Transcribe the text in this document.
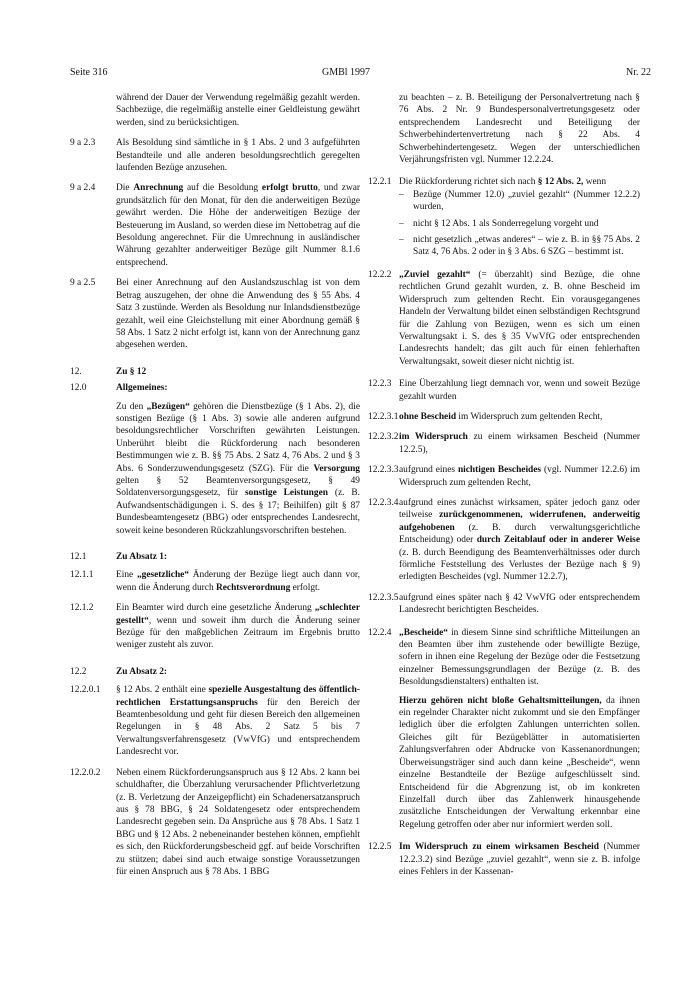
Seite 316	GMBl 1997	Nr. 22
während der Dauer der Verwendung regelmäßig gezahlt werden. Sachbezüge, die regelmäßig anstelle einer Geldleistung gewährt werden, sind zu berücksichtigen.
9 a 2.3	Als Besoldung sind sämtliche in § 1 Abs. 2 und 3 aufgeführten Bestandteile und alle anderen besoldungsrechtlich geregelten laufenden Bezüge anzusehen.
9 a 2.4	Die Anrechnung auf die Besoldung erfolgt brutto, und zwar grundsätzlich für den Monat, für den die anderweitigen Bezüge gewährt werden. Die Höhe der anderweitigen Bezüge der Besteuerung im Ausland, so werden diese im Nettobetrag auf die Besoldung angerechnet. Für die Umrechnung in ausländischer Währung gezahlter anderweitiger Bezüge gilt Nummer 8.1.6 entsprechend.
9 a 2.5	Bei einer Anrechnung auf den Auslandszuschlag ist von dem Betrag auszugehen, der ohne die Anwendung des § 55 Abs. 4 Satz 3 zustünde. Werden als Besoldung nur Inlandsdienstbezüge gezahlt, weil eine Gleichstellung mit einer Abordnung gemäß § 58 Abs. 1 Satz 2 nicht erfolgt ist, kann von der Anrechnung ganz abgesehen werden.
12.	Zu § 12
12.0	Allgemeines:
Zu den „Bezügen“ gehören die Dienstbezüge (§ 1 Abs. 2), die sonstigen Bezüge (§ 1 Abs. 3) sowie alle anderen aufgrund besoldungsrechtlicher Vorschriften gewährten Leistungen. Unberührt bleibt die Rückforderung nach besonderen Bestimmungen wie z. B. §§ 75 Abs. 2 Satz 4, 76 Abs. 2 und § 3 Abs. 6 Sonderzuwendungsgesetz (SZG). Für die Versorgung gelten § 52 Beamtenversorgungsgesetz, § 49 Soldatenversorgungsgesetz, für sonstige Leistungen (z. B. Aufwandsentschädigungen i. S. des § 17; Beihilfen) gilt § 87 Bundesbeamtengesetz (BBG) oder entsprechendes Landesrecht, soweit keine besonderen Rückzahlungsvorschriften bestehen.
12.1	Zu Absatz 1:
12.1.1	Eine „gesetzliche“ Änderung der Bezüge liegt auch dann vor, wenn die Änderung durch Rechtsverordnung erfolgt.
12.1.2	Ein Beamter wird durch eine gesetzliche Änderung „schlechter gestellt“, wenn und soweit ihm durch die Änderung seiner Bezüge für den maßgeblichen Zeitraum im Ergebnis brutto weniger zusteht als zuvor.
12.2	Zu Absatz 2:
12.2.0.1	§ 12 Abs. 2 enthält eine spezielle Ausgestaltung des öffentlich-rechtlichen Erstattungsanspruchs für den Bereich der Beamtenbesoldung und geht für diesen Bereich den allgemeinen Regelungen in § 48 Abs. 2 Satz 5 bis 7 Verwaltungsverfahrensgesetz (VwVfG) und entsprechendem Landesrecht vor.
12.2.0.2	Neben einem Rückforderungsanspruch aus § 12 Abs. 2 kann bei schuldhafter, die Überzahlung verursachender Pflichtverletzung (z. B. Verletzung der Anzeigepflicht) ein Schadenersatzanspruch aus § 78 BBG, § 24 Soldatengesetz oder entsprechendem Landesrecht gegeben sein. Da Ansprüche aus § 78 Abs. 1 Satz 1 BBG und § 12 Abs. 2 nebeneinander bestehen können, empfiehlt es sich, den Rückforderungsbescheid ggf. auf beide Vorschriften zu stützen; dabei sind auch etwaige sonstige Voraussetzungen für einen Anspruch aus § 78 Abs. 1 BBG
zu beachten – z. B. Beteiligung der Personalvertretung nach § 76 Abs. 2 Nr. 9 Bundespersonalvertretungsgesetz oder entsprechendem Landesrecht und Beteiligung der Schwerbehindertenvertretung nach § 22 Abs. 4 Schwerbehindertengesetz. Wegen der unterschiedlichen Verjährungsfristen vgl. Nummer 12.2.24.
12.2.1 Die Rückforderung richtet sich nach § 12 Abs. 2, wenn
– Bezüge (Nummer 12.0) „zuviel gezahlt“ (Nummer 12.2.2) wurden,
– nicht § 12 Abs. 1 als Sonderregelung vorgeht und
– nicht gesetzlich „etwas anderes“ – wie z. B. in §§ 75 Abs. 2 Satz 4, 76 Abs. 2 oder in § 3 Abs. 6 SZG – bestimmt ist.
12.2.2 „Zuviel gezahlt“ (= überzahlt) sind Bezüge, die ohne rechtlichen Grund gezahlt wurden, z. B. ohne Bescheid im Widerspruch zum geltenden Recht. Ein vorausgegangenes Handeln der Verwaltung bildet einen selbständigen Rechtsgrund für die Zahlung von Bezügen, wenn es sich um einen Verwaltungsakt i. S. des § 35 VwVfG oder entsprechenden Landesrechts handelt; das gilt auch für einen fehlerhaften Verwaltungsakt, soweit dieser nicht nichtig ist.
12.2.3 Eine Überzahlung liegt demnach vor, wenn und soweit Bezüge gezahlt wurden
12.2.3.1 ohne Bescheid im Widerspruch zum geltenden Recht,
12.2.3.2 im Widerspruch zu einem wirksamen Bescheid (Nummer 12.2.5),
12.2.3.3 aufgrund eines nichtigen Bescheides (vgl. Nummer 12.2.6) im Widerspruch zum geltenden Recht,
12.2.3.4 aufgrund eines zunächst wirksamen, später jedoch ganz oder teilweise zurückgenommenen, widerrufenen, anderweitig aufgehobenen (z. B. durch verwaltungsgerichtliche Entscheidung) oder durch Zeitablauf oder in anderer Weise (z. B. durch Beendigung des Beamtenverhältnisses oder durch förmliche Feststellung des Verlustes der Bezüge nach § 9) erledigten Bescheides (vgl. Nummer 12.2.7),
12.2.3.5 aufgrund eines später nach § 42 VwVfG oder entsprechendem Landesrecht berichtigten Bescheides.
12.2.4 „Bescheide“ in diesem Sinne sind schriftliche Mitteilungen an den Beamten über ihm zustehende oder bewilligte Bezüge, sofern in ihnen eine Regelung der Bezüge oder die Festsetzung einzelner Bemessungsgrundlagen der Bezüge (z. B. des Besoldungsdienstalters) enthalten ist.
Hierzu gehören nicht bloße Gehaltsmitteilungen, da ihnen ein regelnder Charakter nicht zukommt und sie den Empfänger lediglich über die erfolgten Zahlungen unterrichten sollen. Gleiches gilt für Bezügeblätter in automatisierten Zahlungsverfahren oder Abdrucke von Kassenanordnungen; Überweisungsträger sind auch dann keine „Bescheide“, wenn einzelne Bestandteile der Bezüge aufgeschlüsselt sind. Entscheidend für die Abgrenzung ist, ob im konkreten Einzelfall durch über das Zahlenwerk hinausgehende zusätzliche Entscheidungen der Verwaltung erkennbar eine Regelung getroffen oder aber nur informiert werden soll.
12.2.5 Im Widerspruch zu einem wirksamen Bescheid (Nummer 12.2.3.2) sind Bezüge „zuviel gezahlt“, wenn sie z. B. infolge eines Fehlers in der Kassenan-
